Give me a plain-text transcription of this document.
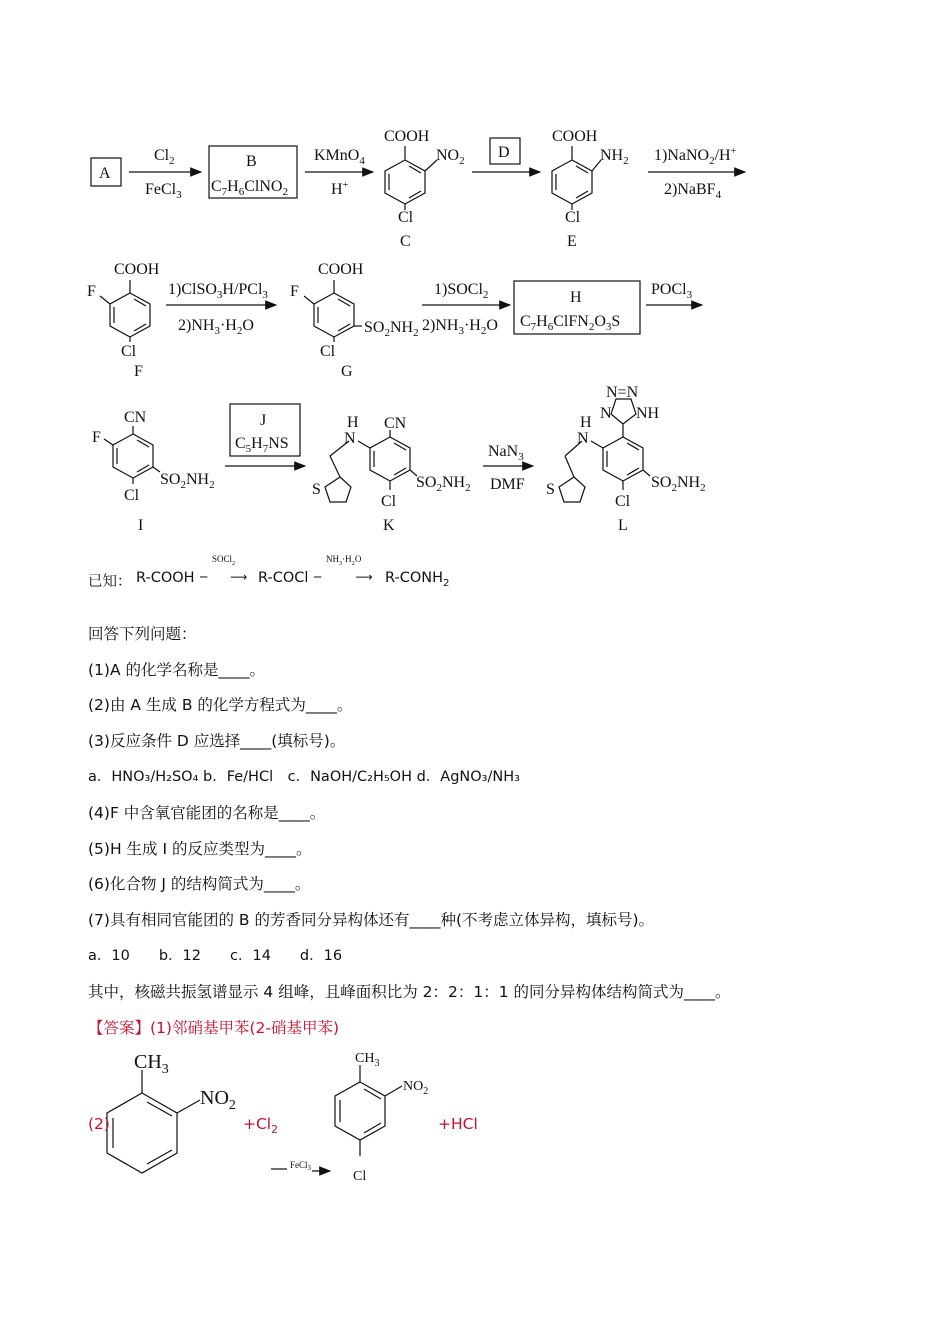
A
$Cl_2$
FeCl$_3$
B
$C_7H_6ClNO_2$
KMnO$_4$
H+
COOH
$NO_2$
Cl
C
D
COOH
$NH_2$
Cl
E
1)NaNO$_2$/H+
2)NaBF$_4$
COOH
F
Cl
F
1)ClSO$_3$H/PCl$_3$
$2)NH_3\cdot H_2O$
COOH
F
Cl
$SO_2NH_2$
G
1)SOCl$_2$
$2)NH_3\cdot H_2O$
H
$C_7H_6ClFN_2O_3S$
POCl$_3$
CN
F
Cl
$SO_2NH_2$
I
J
$C_5H_7NS$
CN
H
N
S
Cl
$SO_2NH_2$
K
NaN$_3$
DMF
N=N
N NH
H
N
S
Cl
$SO_2NH_2$
L
$CH_3$
$NO_2$
$CH_3$
$NO_2$
Cl
FeCl$_3$
已知： R-COOH ─      ⟶
SOCl$_2$
R-COCl ─         ⟶
$NH_3\cdot H_2O$
$R-CONH_2$
回答下列问题：
(1)A 的化学名称是____。
(2)由 A 生成 B 的化学方程式为____。
(3)反应条件 D 应选择____(填标号)。
a．HNO₃/H₂SO₄ b．Fe/HCl　c．NaOH/C₂H₅OH d．AgNO₃/NH₃
(4)F 中含氧官能团的名称是____。
(5)H 生成 I 的反应类型为____。
(6)化合物 J 的结构简式为____。
(7)具有相同官能团的 B 的芳香同分异构体还有____种(不考虑立体异构，填标号)。
a．10　　b．12　　c．14　　d．16
其中，核磁共振氢谱显示 4 组峰，且峰面积比为 2：2：1：1 的同分异构体结构简式为____。
【答案】(1)邻硝基甲苯(2-硝基甲苯)
(2)	$+Cl_2$	+HCl
